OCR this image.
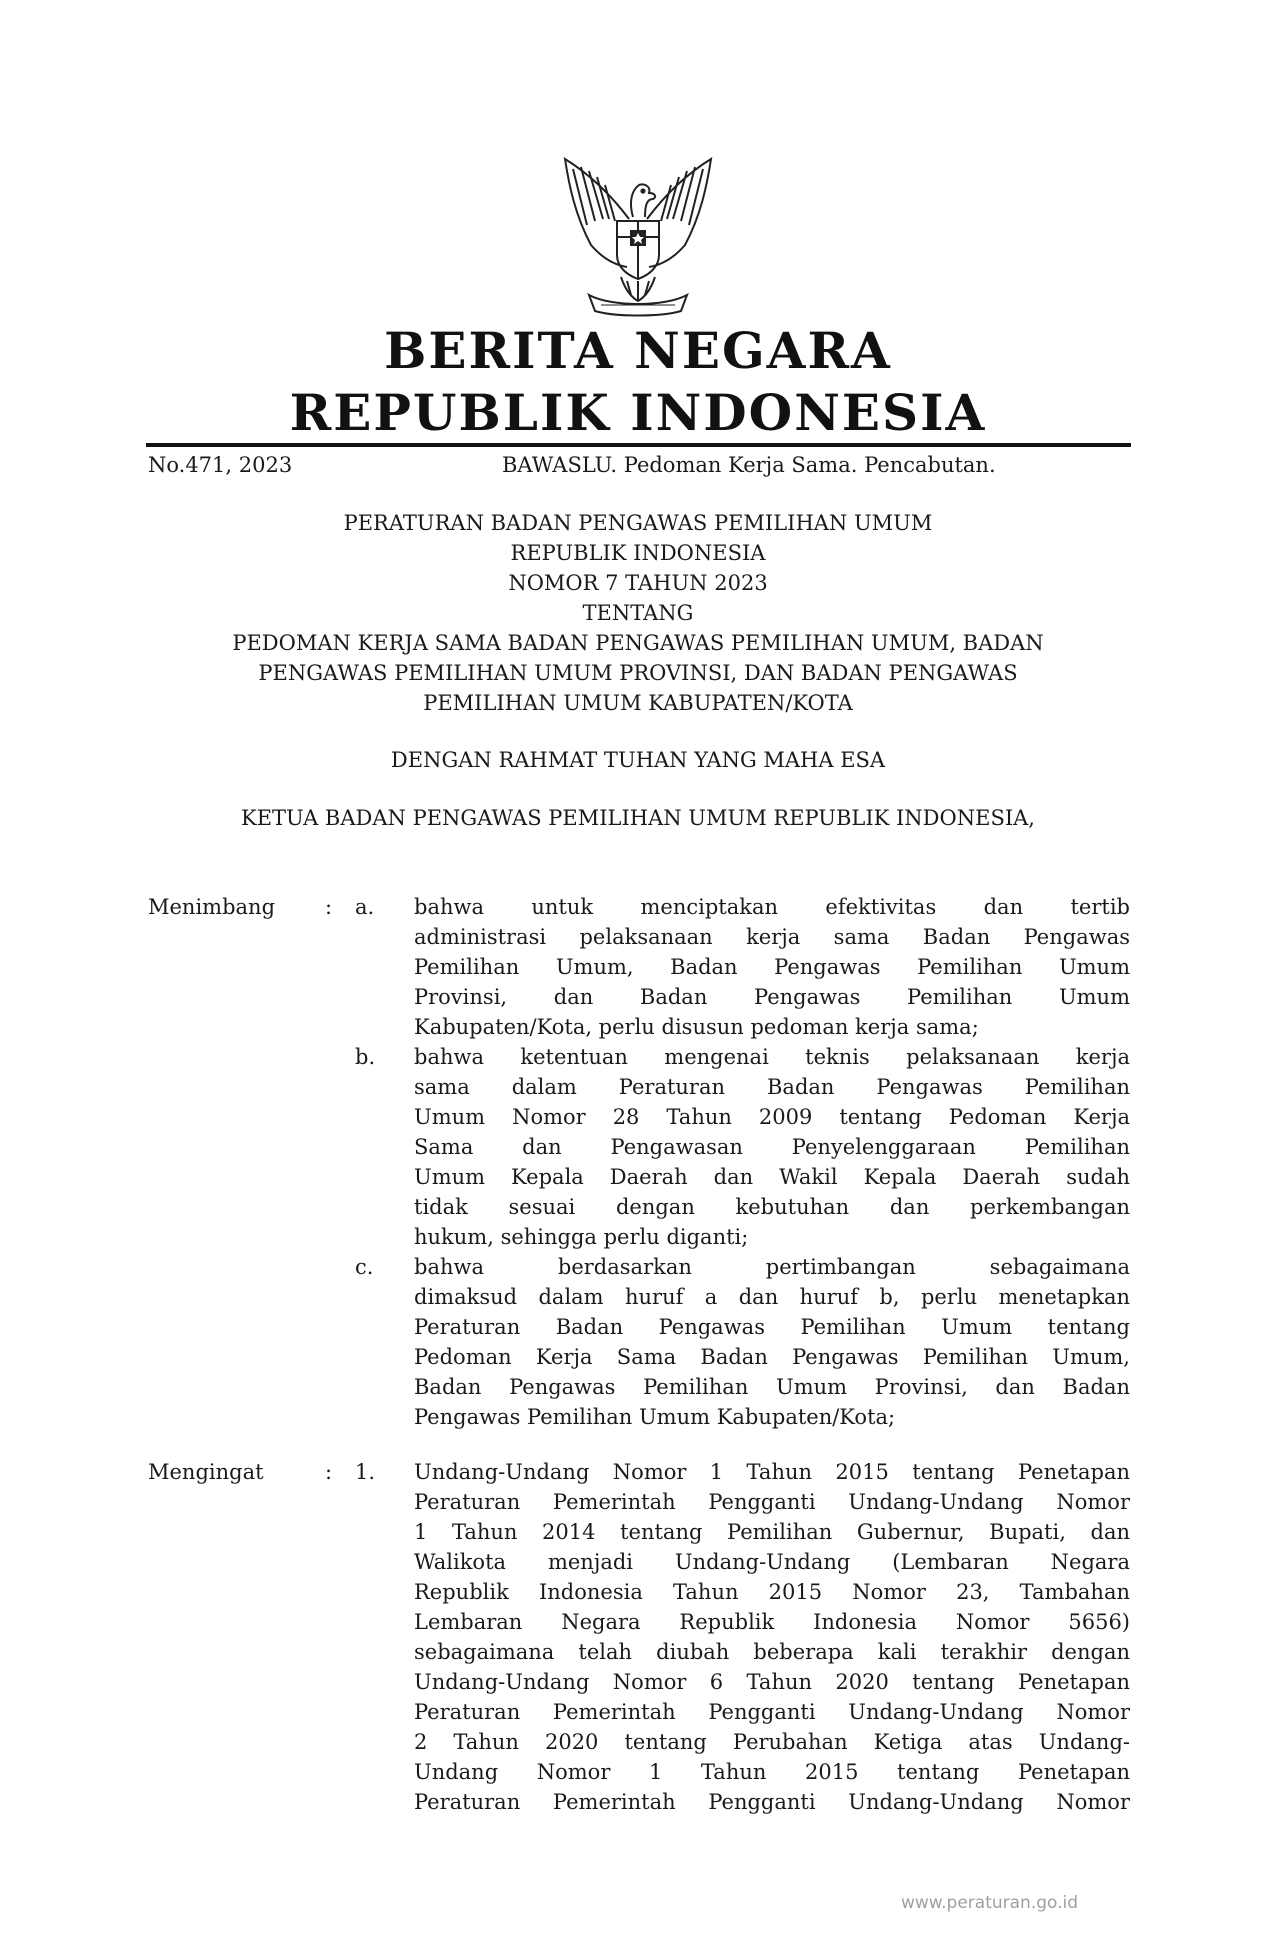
BERITA NEGARA
REPUBLIK INDONESIA
No.471, 2023	BAWASLU. Pedoman Kerja Sama. Pencabutan.
PERATURAN BADAN PENGAWAS PEMILIHAN UMUM
REPUBLIK INDONESIA
NOMOR 7 TAHUN 2023
TENTANG
PEDOMAN KERJA SAMA BADAN PENGAWAS PEMILIHAN UMUM, BADAN
PENGAWAS PEMILIHAN UMUM PROVINSI, DAN BADAN PENGAWAS
PEMILIHAN UMUM KABUPATEN/KOTA
DENGAN RAHMAT TUHAN YANG MAHA ESA
KETUA BADAN PENGAWAS PEMILIHAN UMUM REPUBLIK INDONESIA,
Menimbang : a. bahwa untuk menciptakan efektivitas dan tertib
administrasi pelaksanaan kerja sama Badan Pengawas
Pemilihan Umum, Badan Pengawas Pemilihan Umum
Provinsi, dan Badan Pengawas Pemilihan Umum
Kabupaten/Kota, perlu disusun pedoman kerja sama;
b. bahwa ketentuan mengenai teknis pelaksanaan kerja
sama dalam Peraturan Badan Pengawas Pemilihan
Umum Nomor 28 Tahun 2009 tentang Pedoman Kerja
Sama dan Pengawasan Penyelenggaraan Pemilihan
Umum Kepala Daerah dan Wakil Kepala Daerah sudah
tidak sesuai dengan kebutuhan dan perkembangan
hukum, sehingga perlu diganti;
c. bahwa berdasarkan pertimbangan sebagaimana
dimaksud dalam huruf a dan huruf b, perlu menetapkan
Peraturan Badan Pengawas Pemilihan Umum tentang
Pedoman Kerja Sama Badan Pengawas Pemilihan Umum,
Badan Pengawas Pemilihan Umum Provinsi, dan Badan
Pengawas Pemilihan Umum Kabupaten/Kota;
Mengingat	: 1. Undang-Undang Nomor 1 Tahun 2015 tentang Penetapan
Peraturan Pemerintah Pengganti Undang-Undang Nomor
1 Tahun 2014 tentang Pemilihan Gubernur, Bupati, dan
Walikota menjadi Undang-Undang (Lembaran Negara
Republik Indonesia Tahun 2015 Nomor 23, Tambahan
Lembaran Negara Republik Indonesia Nomor 5656)
sebagaimana telah diubah beberapa kali terakhir dengan
Undang-Undang Nomor 6 Tahun 2020 tentang Penetapan
Peraturan Pemerintah Pengganti Undang-Undang Nomor
2 Tahun 2020 tentang Perubahan Ketiga atas Undang-
Undang Nomor 1 Tahun 2015 tentang Penetapan
Peraturan Pemerintah Pengganti Undang-Undang Nomor
www.peraturan.go.id
